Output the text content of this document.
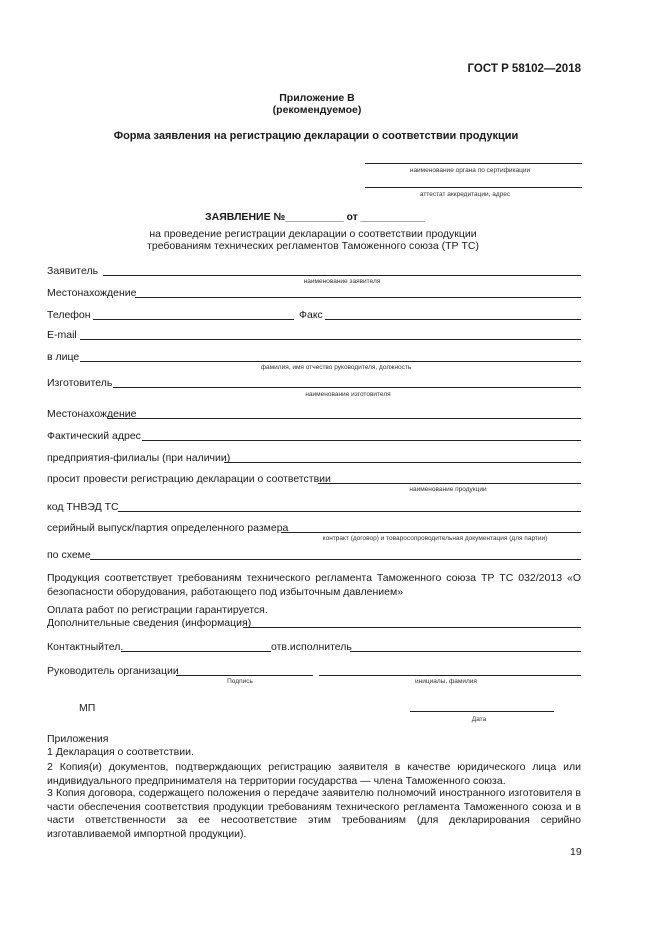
ГОСТ Р 58102—2018
Приложение В
(рекомендуемое)
Форма заявления на регистрацию декларации о соответствии продукции
наименование органа по сертификации
аттестат аккредитации, адрес
ЗАЯВЛЕНИЕ №__________ от ___________
на проведение регистрации декларации о соответствии продукции
требованиям технических регламентов Таможенного союза (ТР ТС)
Заявитель
наименование заявителя
Местонахождение
Телефон	Факс
E-mail
в лице
фамилия, имя отчество руководителя, должность
Изготовитель
наименование изготовителя
Местонахождение
Фактический адрес
предприятия-филиалы (при наличии)
просит провести регистрацию декларации о соответствии
наименование продукции
код ТНВЭД ТС
серийный выпуск/партия определенного размера
контракт (договор) и товаросопроводительная документация (для партии)
по схеме
Продукция соответствует требованиям технического регламента Таможенного союза ТР ТС 032/2013 «О безопасности оборудования, работающего под избыточным давлением»
Оплата работ по регистрации гарантируется.
Дополнительные сведения (информация)
Контактныйтел.	отв.исполнитель
Руководитель организации
Подпись	инициалы, фамилия
МП
Дата
Приложения
1 Декларация о соответствии.
2 Копия(и) документов, подтверждающих регистрацию заявителя в качестве юридического лица или индивидуального предпринимателя на территории государства — члена Таможенного союза.
3 Копия договора, содержащего положения о передаче заявителю полномочий иностранного изготовителя в части обеспечения соответствия продукции требованиям технического регламента Таможенного союза и в части ответственности за ее несоответствие этим требованиям (для декларирования серийно изготавливаемой импортной продукции).
19
